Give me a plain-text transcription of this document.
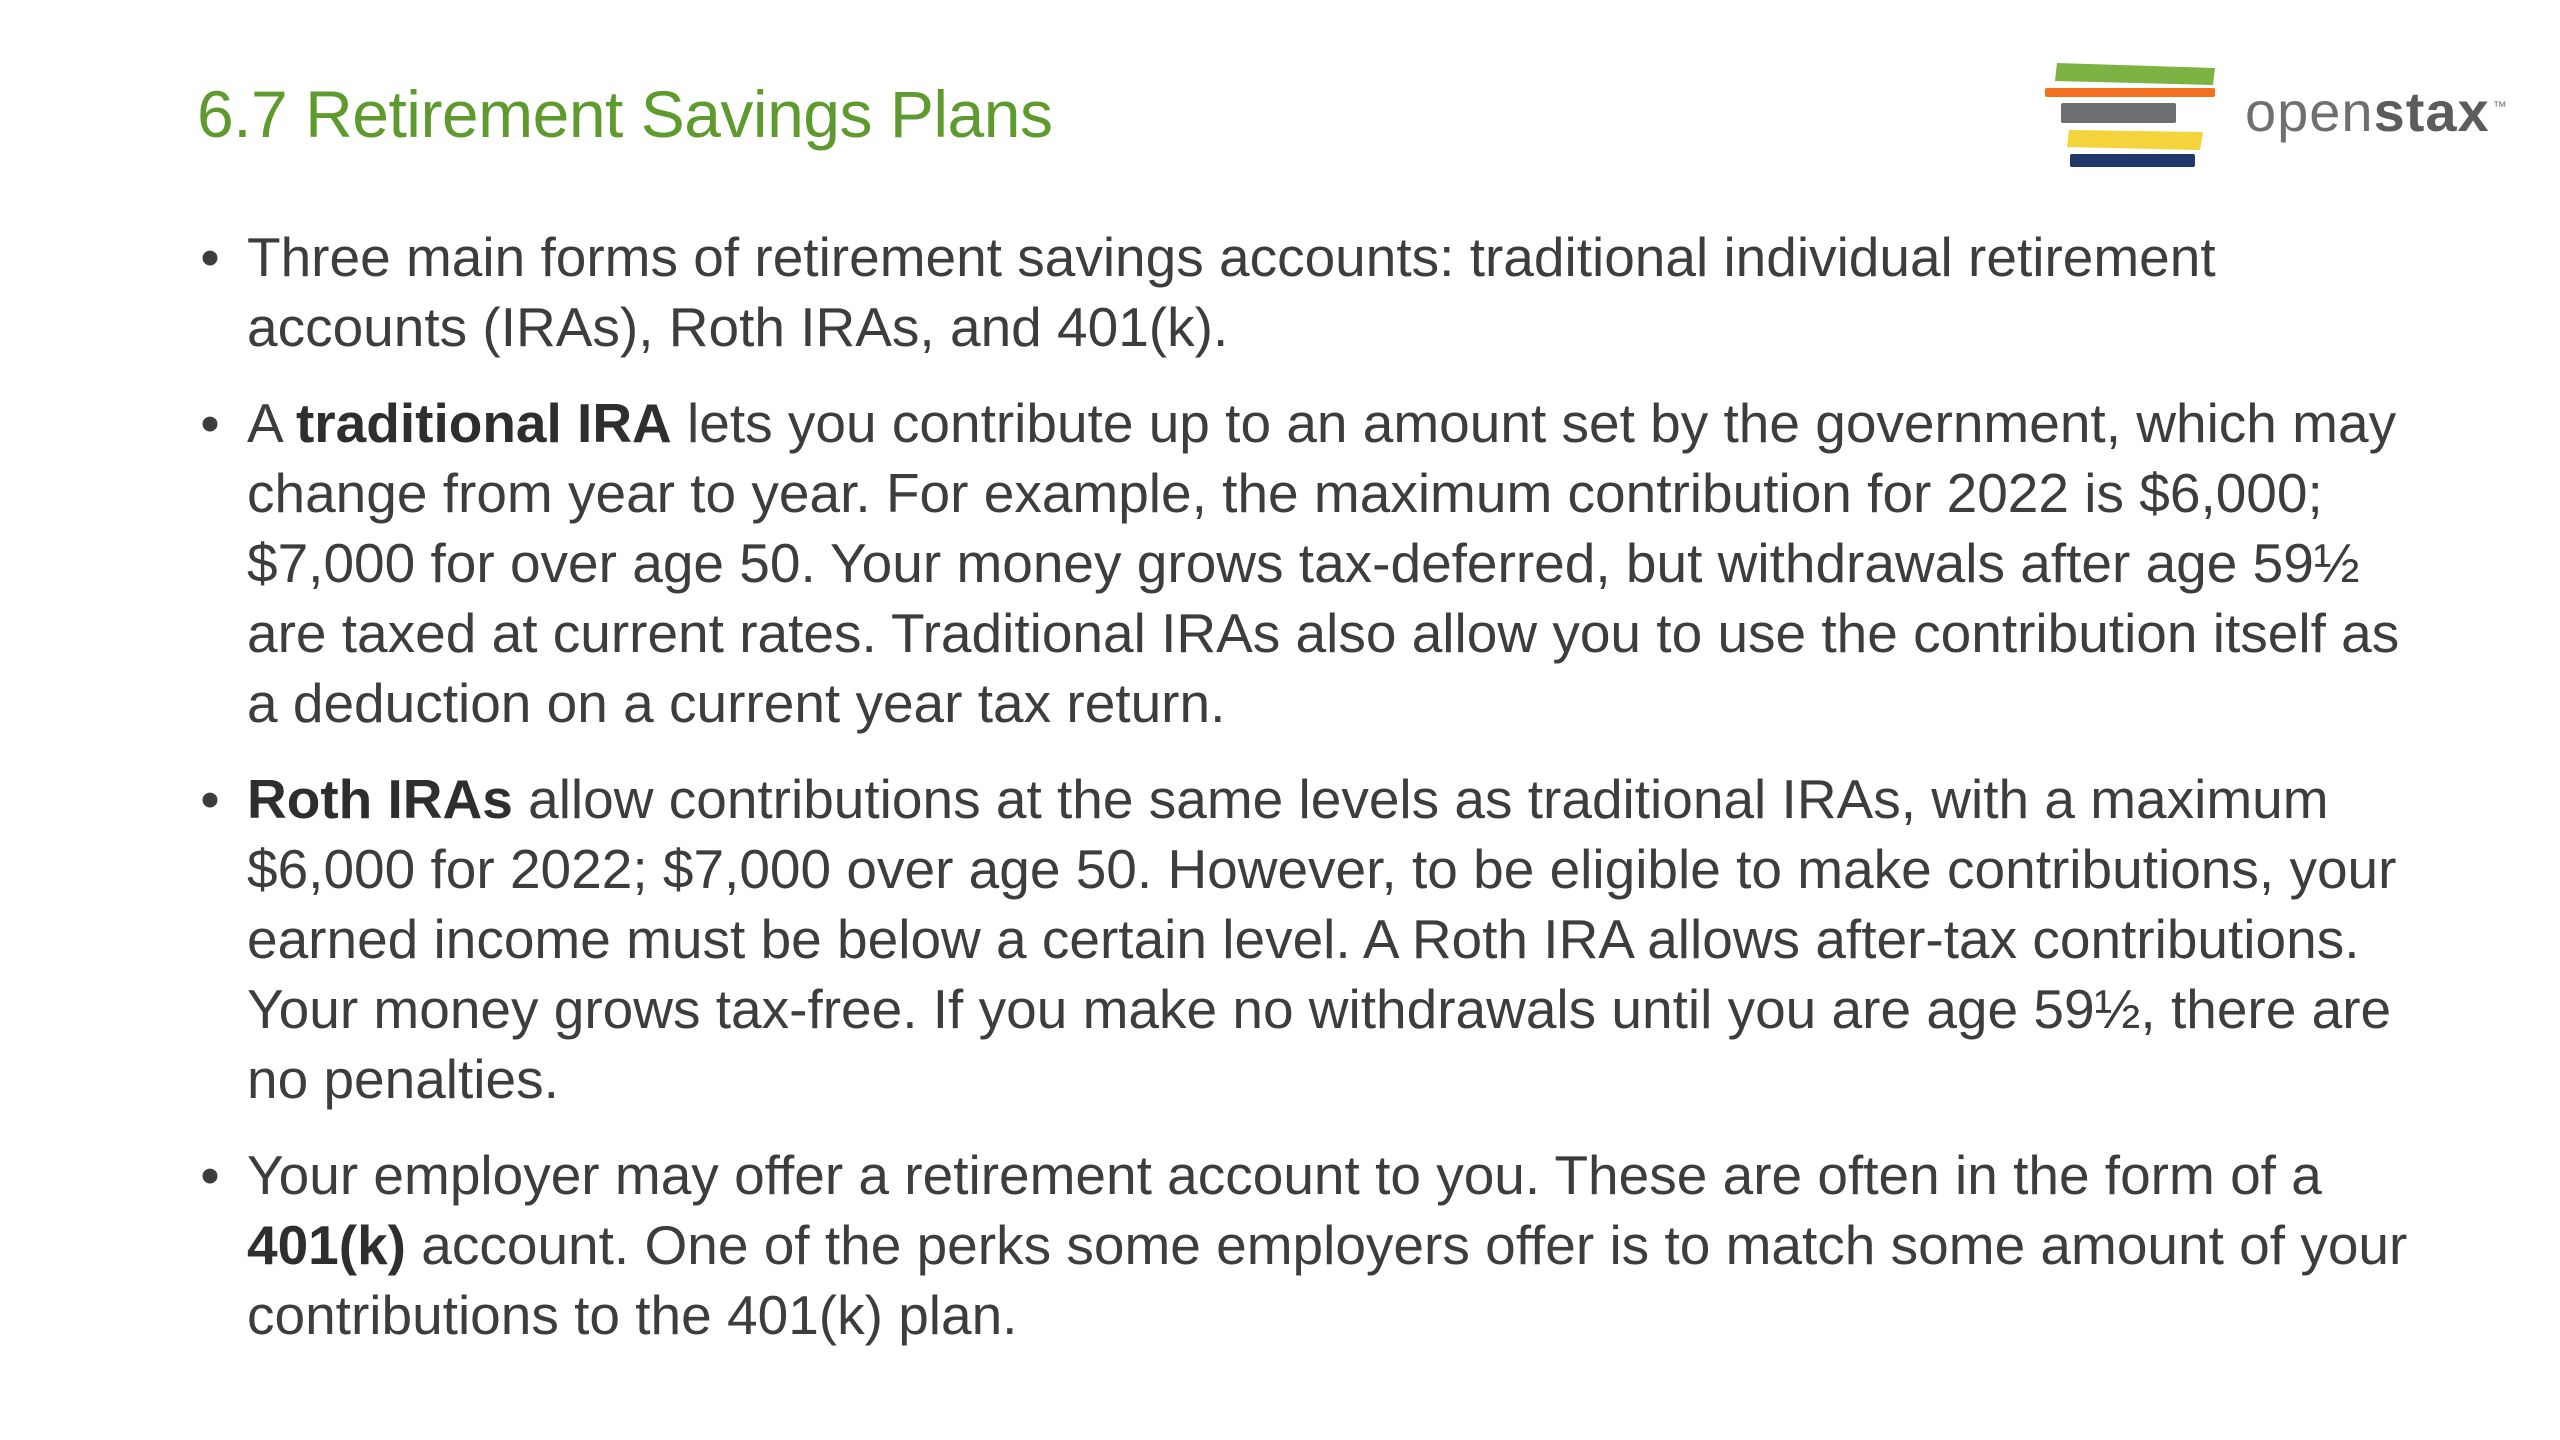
6.7 Retirement Savings Plans	openstax ™
• Three main forms of retirement savings accounts: traditional individual retirement accounts (IRAs), Roth IRAs, and 401(k).
• A traditional IRA lets you contribute up to an amount set by the government, which may change from year to year. For example, the maximum contribution for 2022 is $6,000; $7,000 for over age 50. Your money grows tax-deferred, but withdrawals after age 59½ are taxed at current rates. Traditional IRAs also allow you to use the contribution itself as a deduction on a current year tax return.
• Roth IRAs allow contributions at the same levels as traditional IRAs, with a maximum $6,000 for 2022; $7,000 over age 50. However, to be eligible to make contributions, your earned income must be below a certain level. A Roth IRA allows after-tax contributions. Your money grows tax-free. If you make no withdrawals until you are age 59½, there are no penalties.
• Your employer may offer a retirement account to you. These are often in the form of a 401(k) account. One of the perks some employers offer is to match some amount of your contributions to the 401(k) plan.
